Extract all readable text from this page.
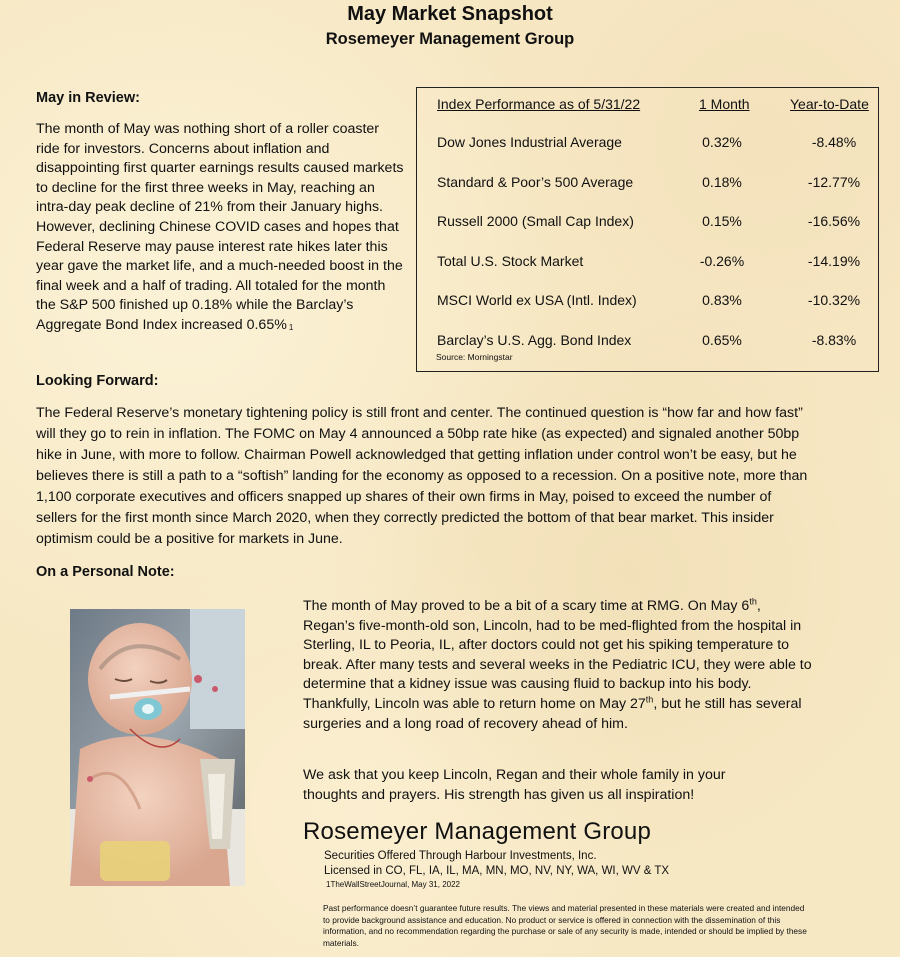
May Market Snapshot
Rosemeyer Management Group
May in Review:
The month of May was nothing short of a roller coaster ride for investors. Concerns about inflation and disappointing first quarter earnings results caused markets to decline for the first three weeks in May, reaching an intra-day peak decline of 21% from their January highs. However, declining Chinese COVID cases and hopes that Federal Reserve may pause interest rate hikes later this year gave the market life, and a much-needed boost in the final week and a half of trading. All totaled for the month the S&P 500 finished up 0.18% while the Barclay’s Aggregate Bond Index increased 0.65% 1
Index Performance as of 5/31/22	1 Month	Year-to-Date
Dow Jones Industrial Average	0.32%	-8.48%
Standard & Poor’s 500 Average	0.18%	-12.77%
Russell 2000 (Small Cap Index)	0.15%	-16.56%
Total U.S. Stock Market	-0.26%	-14.19%
MSCI World ex USA (Intl. Index)	0.83%	-10.32%
Barclay’s U.S. Agg. Bond Index	0.65%	-8.83%
Source: Morningstar
Looking Forward:
The Federal Reserve’s monetary tightening policy is still front and center. The continued question is “how far and how fast” will they go to rein in inflation. The FOMC on May 4 announced a 50bp rate hike (as expected) and signaled another 50bp hike in June, with more to follow. Chairman Powell acknowledged that getting inflation under control won’t be easy, but he believes there is still a path to a “softish” landing for the economy as opposed to a recession. On a positive note, more than 1,100 corporate executives and officers snapped up shares of their own firms in May, poised to exceed the number of sellers for the first month since March 2020, when they correctly predicted the bottom of that bear market. This insider optimism could be a positive for markets in June.
On a Personal Note:
The month of May proved to be a bit of a scary time at RMG. On May 6th, Regan’s five-month-old son, Lincoln, had to be med-flighted from the hospital in Sterling, IL to Peoria, IL, after doctors could not get his spiking temperature to break. After many tests and several weeks in the Pediatric ICU, they were able to determine that a kidney issue was causing fluid to backup into his body. Thankfully, Lincoln was able to return home on May 27th, but he still has several surgeries and a long road of recovery ahead of him.
We ask that you keep Lincoln, Regan and their whole family in your thoughts and prayers. His strength has given us all inspiration!
Rosemeyer Management Group
Securities Offered Through Harbour Investments, Inc.
Licensed in CO, FL, IA, IL, MA, MN, MO, NV, NY, WA, WI, WV & TX
1TheWallStreetJournal, May 31, 2022
Past performance doesn’t guarantee future results. The views and material presented in these materials were created and intended to provide background assistance and education. No product or service is offered in connection with the dissemination of this information, and no recommendation regarding the purchase or sale of any security is made, intended or should be implied by these materials.
